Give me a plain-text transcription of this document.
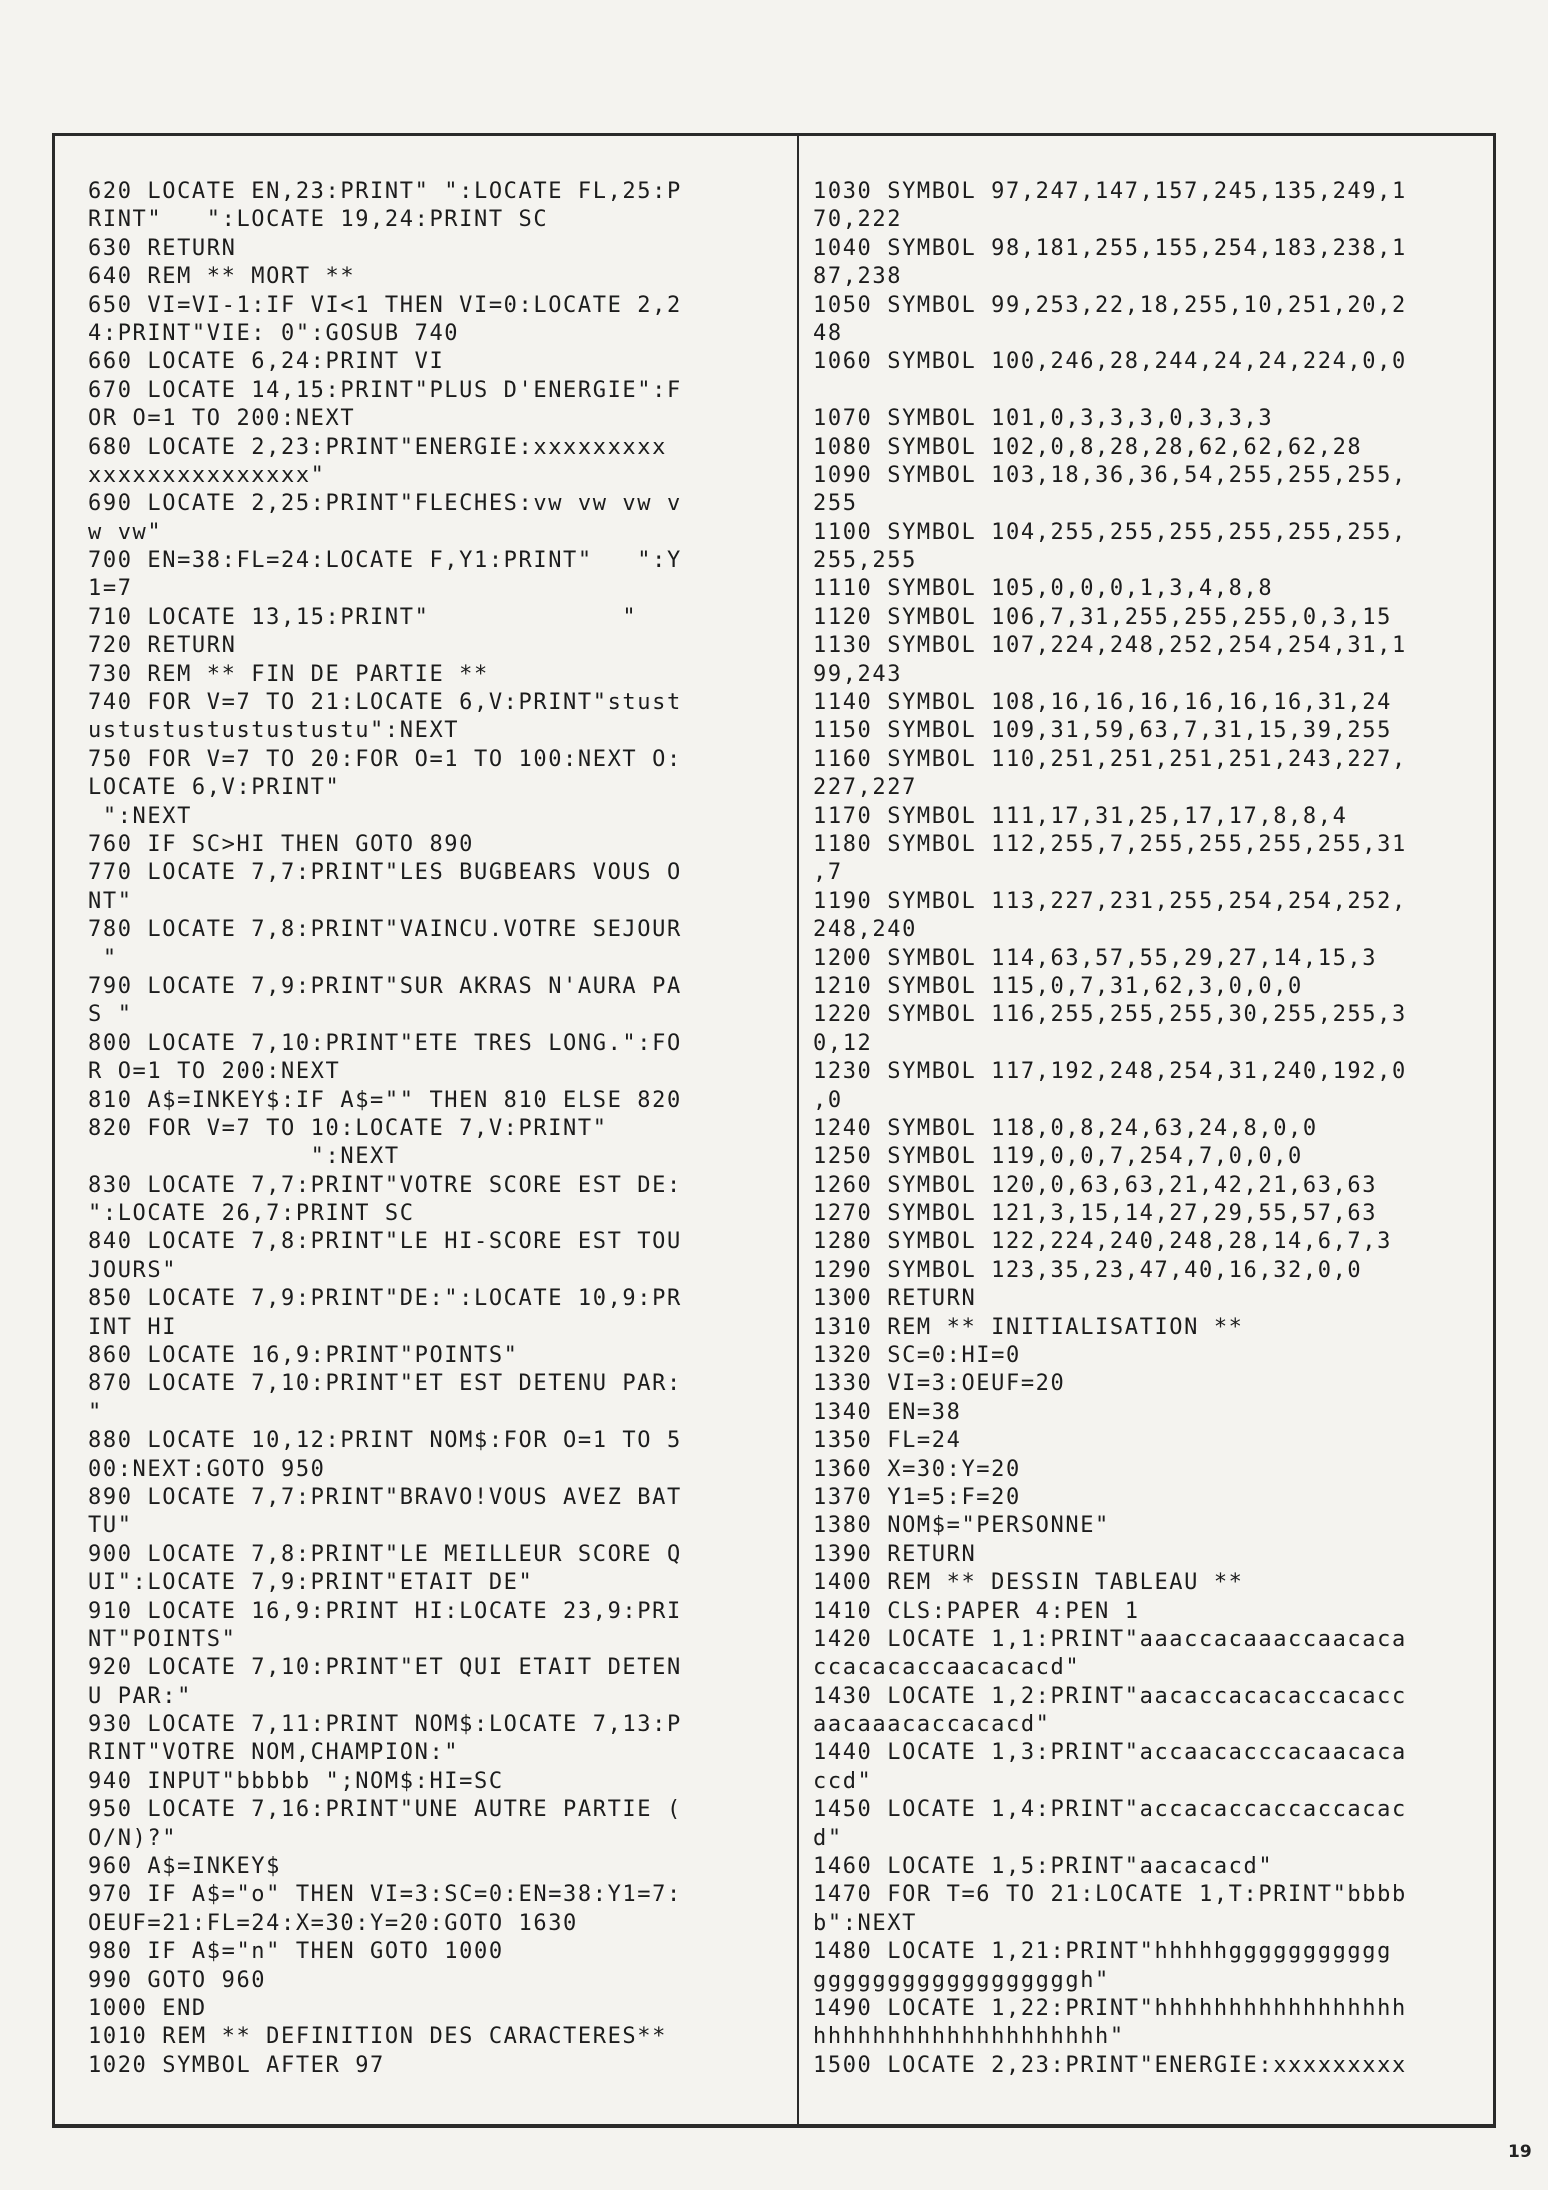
620 LOCATE EN,23:PRINT" ":LOCATE FL,25:P
RINT"   ":LOCATE 19,24:PRINT SC
630 RETURN
640 REM ** MORT **
650 VI=VI-1:IF VI<1 THEN VI=0:LOCATE 2,2
4:PRINT"VIE: 0":GOSUB 740
660 LOCATE 6,24:PRINT VI
670 LOCATE 14,15:PRINT"PLUS D'ENERGIE":F
OR O=1 TO 200:NEXT
680 LOCATE 2,23:PRINT"ENERGIE:xxxxxxxxx
xxxxxxxxxxxxxxx"
690 LOCATE 2,25:PRINT"FLECHES:vw vw vw v
w vw"
700 EN=38:FL=24:LOCATE F,Y1:PRINT"   ":Y
1=7
710 LOCATE 13,15:PRINT"             "
720 RETURN
730 REM ** FIN DE PARTIE **
740 FOR V=7 TO 21:LOCATE 6,V:PRINT"stust
ustustustustustustu":NEXT
750 FOR V=7 TO 20:FOR O=1 TO 100:NEXT O:
LOCATE 6,V:PRINT"
":NEXT
760 IF SC>HI THEN GOTO 890
770 LOCATE 7,7:PRINT"LES BUGBEARS VOUS O
NT"
780 LOCATE 7,8:PRINT"VAINCU.VOTRE SEJOUR
"
790 LOCATE 7,9:PRINT"SUR AKRAS N'AURA PA
S "
800 LOCATE 7,10:PRINT"ETE TRES LONG.":FO
R O=1 TO 200:NEXT
810 A$=INKEY$:IF A$="" THEN 810 ELSE 820
820 FOR V=7 TO 10:LOCATE 7,V:PRINT"
":NEXT
830 LOCATE 7,7:PRINT"VOTRE SCORE EST DE:
":LOCATE 26,7:PRINT SC
840 LOCATE 7,8:PRINT"LE HI-SCORE EST TOU
JOURS"
850 LOCATE 7,9:PRINT"DE:":LOCATE 10,9:PR
INT HI
860 LOCATE 16,9:PRINT"POINTS"
870 LOCATE 7,10:PRINT"ET EST DETENU PAR:
"
880 LOCATE 10,12:PRINT NOM$:FOR O=1 TO 5
00:NEXT:GOTO 950
890 LOCATE 7,7:PRINT"BRAVO!VOUS AVEZ BAT
TU"
900 LOCATE 7,8:PRINT"LE MEILLEUR SCORE Q
UI":LOCATE 7,9:PRINT"ETAIT DE"
910 LOCATE 16,9:PRINT HI:LOCATE 23,9:PRI
NT"POINTS"
920 LOCATE 7,10:PRINT"ET QUI ETAIT DETEN
U PAR:"
930 LOCATE 7,11:PRINT NOM$:LOCATE 7,13:P
RINT"VOTRE NOM,CHAMPION:"
940 INPUT"bbbbb ";NOM$:HI=SC
950 LOCATE 7,16:PRINT"UNE AUTRE PARTIE (
O/N)?"
960 A$=INKEY$
970 IF A$="o" THEN VI=3:SC=0:EN=38:Y1=7:
OEUF=21:FL=24:X=30:Y=20:GOTO 1630
980 IF A$="n" THEN GOTO 1000
990 GOTO 960
1000 END
1010 REM ** DEFINITION DES CARACTERES**
1020 SYMBOL AFTER 97
1030 SYMBOL 97,247,147,157,245,135,249,1
70,222
1040 SYMBOL 98,181,255,155,254,183,238,1
87,238
1050 SYMBOL 99,253,22,18,255,10,251,20,2
48
1060 SYMBOL 100,246,28,244,24,24,224,0,0
1070 SYMBOL 101,0,3,3,3,0,3,3,3
1080 SYMBOL 102,0,8,28,28,62,62,62,28
1090 SYMBOL 103,18,36,36,54,255,255,255,
255
1100 SYMBOL 104,255,255,255,255,255,255,
255,255
1110 SYMBOL 105,0,0,0,1,3,4,8,8
1120 SYMBOL 106,7,31,255,255,255,0,3,15
1130 SYMBOL 107,224,248,252,254,254,31,1
99,243
1140 SYMBOL 108,16,16,16,16,16,16,31,24
1150 SYMBOL 109,31,59,63,7,31,15,39,255
1160 SYMBOL 110,251,251,251,251,243,227,
227,227
1170 SYMBOL 111,17,31,25,17,17,8,8,4
1180 SYMBOL 112,255,7,255,255,255,255,31
,7
1190 SYMBOL 113,227,231,255,254,254,252,
248,240
1200 SYMBOL 114,63,57,55,29,27,14,15,3
1210 SYMBOL 115,0,7,31,62,3,0,0,0
1220 SYMBOL 116,255,255,255,30,255,255,3
0,12
1230 SYMBOL 117,192,248,254,31,240,192,0
,0
1240 SYMBOL 118,0,8,24,63,24,8,0,0
1250 SYMBOL 119,0,0,7,254,7,0,0,0
1260 SYMBOL 120,0,63,63,21,42,21,63,63
1270 SYMBOL 121,3,15,14,27,29,55,57,63
1280 SYMBOL 122,224,240,248,28,14,6,7,3
1290 SYMBOL 123,35,23,47,40,16,32,0,0
1300 RETURN
1310 REM ** INITIALISATION **
1320 SC=0:HI=0
1330 VI=3:OEUF=20
1340 EN=38
1350 FL=24
1360 X=30:Y=20
1370 Y1=5:F=20
1380 NOM$="PERSONNE"
1390 RETURN
1400 REM ** DESSIN TABLEAU **
1410 CLS:PAPER 4:PEN 1
1420 LOCATE 1,1:PRINT"aaaccacaaaccaacaca
ccacacaccaacacacd"
1430 LOCATE 1,2:PRINT"aacaccacacaccacacc
aacaaacaccacacd"
1440 LOCATE 1,3:PRINT"accaacacccacaacaca
ccd"
1450 LOCATE 1,4:PRINT"accacaccaccaccacac
d"
1460 LOCATE 1,5:PRINT"aacacacd"
1470 FOR T=6 TO 21:LOCATE 1,T:PRINT"bbbb
b":NEXT
1480 LOCATE 1,21:PRINT"hhhhhggggggggggg
ggggggggggggggggggh"
1490 LOCATE 1,22:PRINT"hhhhhhhhhhhhhhhhh
hhhhhhhhhhhhhhhhhhhh"
1500 LOCATE 2,23:PRINT"ENERGIE:xxxxxxxxx
19
